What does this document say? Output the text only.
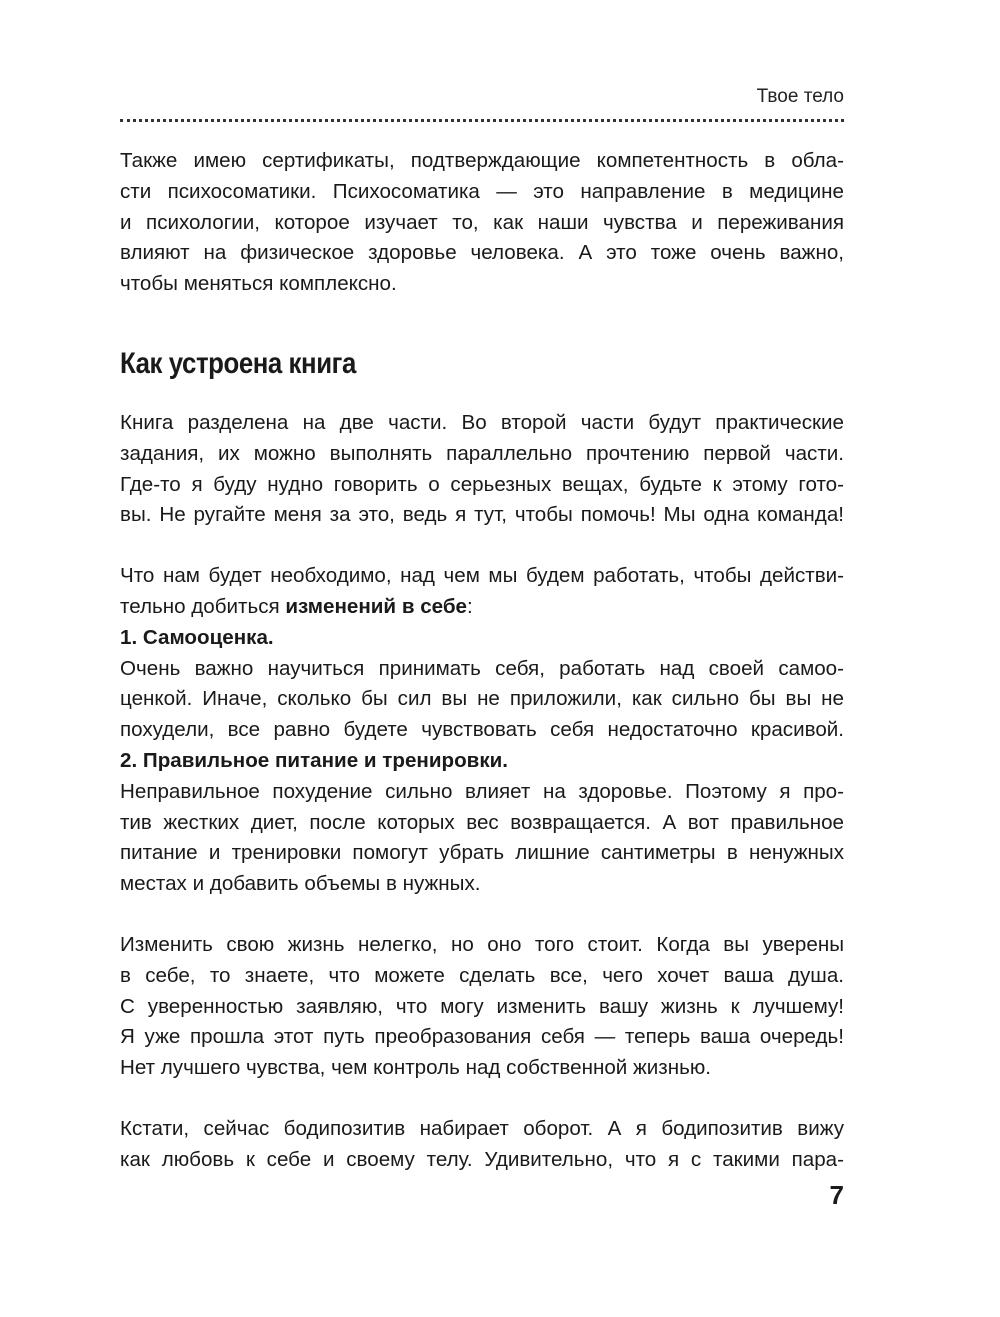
Твое тело
Также имею сертификаты, подтверждающие компетентность в обла-
сти психосоматики. Психосоматика — это направление в медицине
и психологии, которое изучает то, как наши чувства и переживания
влияют на физическое здоровье человека. А это тоже очень важно,
чтобы меняться комплексно.
Как устроена книга
Книга разделена на две части. Во второй части будут практические
задания, их можно выполнять параллельно прочтению первой части.
Где-то я буду нудно говорить о серьезных вещах, будьте к этому гото-
вы. Не ругайте меня за это, ведь я тут, чтобы помочь! Мы одна команда!
Что нам будет необходимо, над чем мы будем работать, чтобы действи-
тельно добиться изменений в себе:
1. Самооценка.
Очень важно научиться принимать себя, работать над своей самоо-
ценкой. Иначе, сколько бы сил вы не приложили, как сильно бы вы не
похудели, все равно будете чувствовать себя недостаточно красивой.
2. Правильное питание и тренировки.
Неправильное похудение сильно влияет на здоровье. Поэтому я про-
тив жестких диет, после которых вес возвращается. А вот правильное
питание и тренировки помогут убрать лишние сантиметры в ненужных
местах и добавить объемы в нужных.
Изменить свою жизнь нелегко, но оно того стоит. Когда вы уверены
в себе, то знаете, что можете сделать все, чего хочет ваша душа.
С уверенностью заявляю, что могу изменить вашу жизнь к лучшему!
Я уже прошла этот путь преобразования себя — теперь ваша очередь!
Нет лучшего чувства, чем контроль над собственной жизнью.
Кстати, сейчас бодипозитив набирает оборот. А я бодипозитив вижу
как любовь к себе и своему телу. Удивительно, что я с такими пара-
7
